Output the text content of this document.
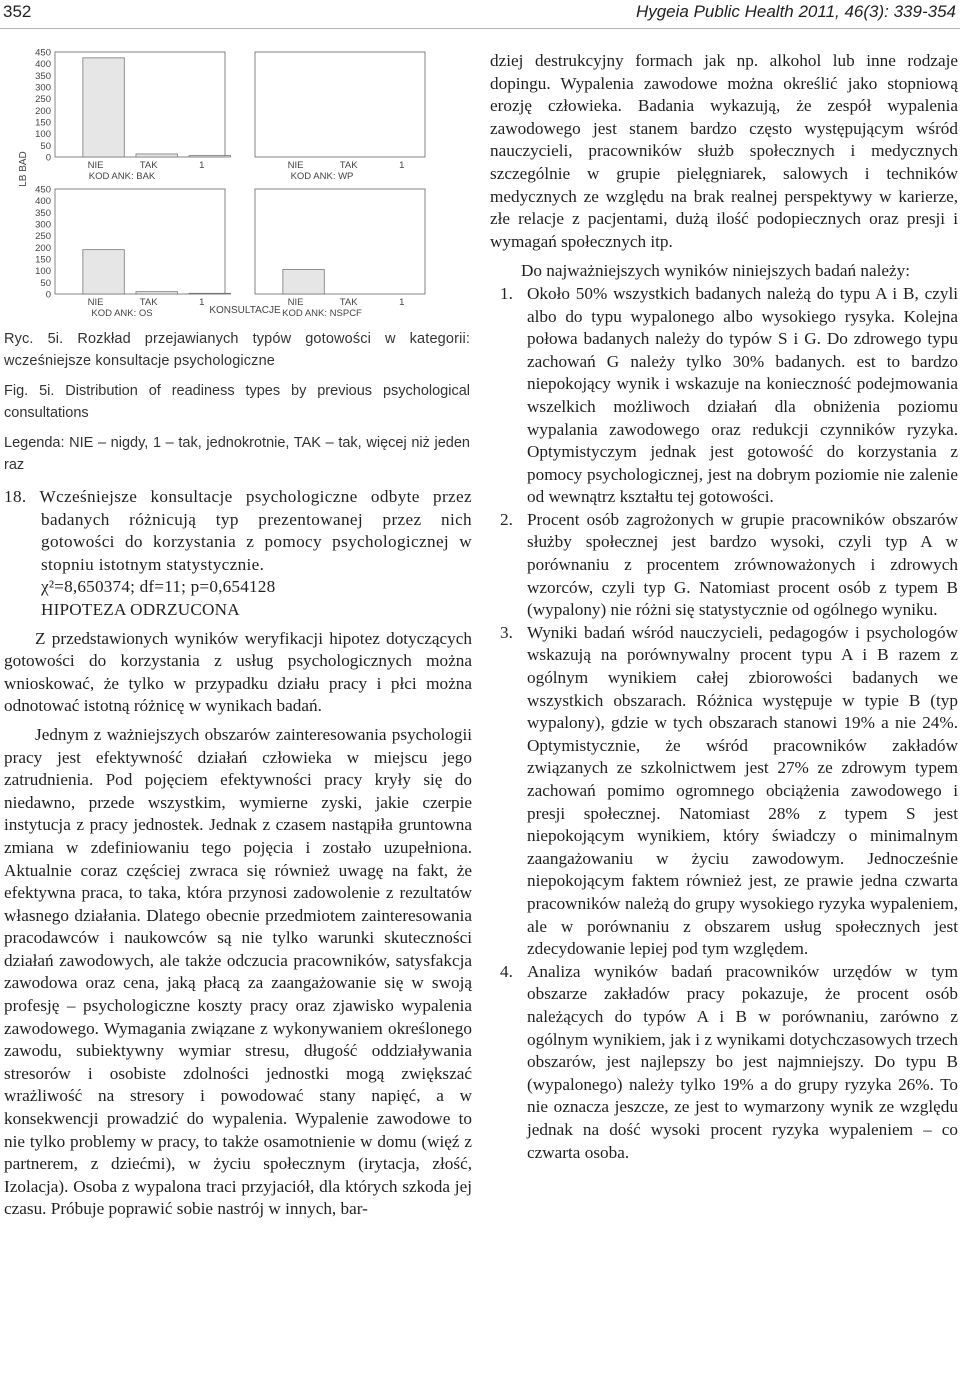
352	Hygeia Public Health 2011, 46(3): 339-354
LB BAD
KONSULTACJE
450
400
350
300
250
200
150
100
50
0
NIE	TAK	1
KOD ANK: BAK
NIE	TAK	1
KOD ANK: WP
450
400
350
300
250
200
150
100
50
0
NIE	TAK	1
KOD ANK: OS
NIE	TAK	1
KOD ANK: NSPCF

Ryc. 5i. Rozkład przejawianych typów gotowości w kategorii: wcześniejsze konsultacje psychologiczne

Fig. 5i. Distribution of readiness types by previous psychological consultations

Legenda: NIE – nigdy, 1 – tak, jednokrotnie, TAK – tak, więcej niż jeden raz

18. Wcześniejsze konsultacje psychologiczne odbyte przez badanych różnicują typ prezentowanej przez nich gotowości do korzystania z pomocy psychologicznej w stopniu istotnym statystycznie.

χ²=8,650374; df=11; p=0,654128

HIPOTEZA ODRZUCONA

Z przedstawionych wyników weryfikacji hipotez dotyczących gotowości do korzystania z usług psychologicznych można wnioskować, że tylko w przypadku działu pracy i płci można odnotować istotną różnicę w wynikach badań.

Jednym z ważniejszych obszarów zainteresowania psychologii pracy jest efektywność działań człowieka w miejscu jego zatrudnienia. Pod pojęciem efektywności pracy kryły się do niedawno, przede wszystkim, wymierne zyski, jakie czerpie instytucja z pracy jednostek. Jednak z czasem nastąpiła gruntowna zmiana w zdefiniowaniu tego pojęcia i zostało uzupełniona. Aktualnie coraz częściej zwraca się również uwagę na fakt, że efektywna praca, to taka, która przynosi zadowolenie z rezultatów własnego działania. Dlatego obecnie przedmiotem zainteresowania pracodawców i naukowców są nie tylko warunki skuteczności działań zawodowych, ale także odczucia pracowników, satysfakcja zawodowa oraz cena, jaką płacą za zaangażowanie się w swoją profesję – psychologiczne koszty pracy oraz zjawisko wypalenia zawodowego. Wymagania związane z wykonywaniem określonego zawodu, subiektywny wymiar stresu, długość oddziaływania stresorów i osobiste zdolności jednostki mogą zwiększać wrażliwość na stresory i powodować stany napięć, a w konsekwencji prowadzić do wypalenia. Wypalenie zawodowe to nie tylko problemy w pracy, to także osamotnienie w domu (więź z partnerem, z dziećmi), w życiu społecznym (irytacja, złość, Izolacja). Osoba z wypalona traci przyjaciół, dla których szkoda jej czasu. Próbuje poprawić sobie nastrój w innych, bar-

dziej destrukcyjny formach jak np. alkohol lub inne rodzaje dopingu. Wypalenia zawodowe można określić jako stopniową erozję człowieka. Badania wykazują, że zespół wypalenia zawodowego jest stanem bardzo często występującym wśród nauczycieli, pracowników służb społecznych i medycznych szczególnie w grupie pielęgniarek, salowych i techników medycznych ze względu na brak realnej perspektywy w karierze, złe relacje z pacjentami, dużą ilość podopiecznych oraz presji i wymagań społecznych itp.

Do najważniejszych wyników niniejszych badań należy:

1. Około 50% wszystkich badanych należą do typu A i B, czyli albo do typu wypalonego albo wysokiego rysyka. Kolejna połowa badanych należy do typów S i G. Do zdrowego typu zachowań G należy tylko 30% badanych. est to bardzo niepokojący wynik i wskazuje na konieczność podejmowania wszelkich możliwoch działań dla obniżenia poziomu wypalania zawodowego oraz redukcji czynników ryzyka. Optymistyczym jednak jest gotowość do korzystania z pomocy psychologicznej, jest na dobrym poziomie nie zalenie od wewnątrz kształtu tej gotowości.
2. Procent osób zagrożonych w grupie pracowników obszarów służby społecznej jest bardzo wysoki, czyli typ A w porównaniu z procentem zrównoważonych i zdrowych wzorców, czyli typ G. Natomiast procent osób z typem B (wypalony) nie różni się statystycznie od ogólnego wyniku.
3. Wyniki badań wśród nauczycieli, pedagogów i psychologów wskazują na porównywalny procent typu A i B razem z ogólnym wynikiem całej zbiorowości badanych we wszystkich obszarach. Różnica występuje w typie B (typ wypalony), gdzie w tych obszarach stanowi 19% a nie 24%. Optymistycznie, że wśród pracowników zakładów związanych ze szkolnictwem jest 27% ze zdrowym typem zachowań pomimo ogromnego obciążenia zawodowego i presji społecznej. Natomiast 28% z typem S jest niepokojącym wynikiem, który świadczy o minimalnym zaangażowaniu w życiu zawodowym. Jednocześnie niepokojącym faktem również jest, ze prawie jedna czwarta pracowników należą do grupy wysokiego ryzyka wypaleniem, ale w porównaniu z obszarem usług społecznych jest zdecydowanie lepiej pod tym względem.
4. Analiza wyników badań pracowników urzędów w tym obszarze zakładów pracy pokazuje, że procent osób należących do typów A i B w porównaniu, zarówno z ogólnym wynikiem, jak i z wynikami dotychczasowych trzech obszarów, jest najlepszy bo jest najmniejszy. Do typu B (wypalonego) należy tylko 19% a do grupy ryzyka 26%. To nie oznacza jeszcze, ze jest to wymarzony wynik ze względu jednak na dość wysoki procent ryzyka wypaleniem – co czwarta osoba.
